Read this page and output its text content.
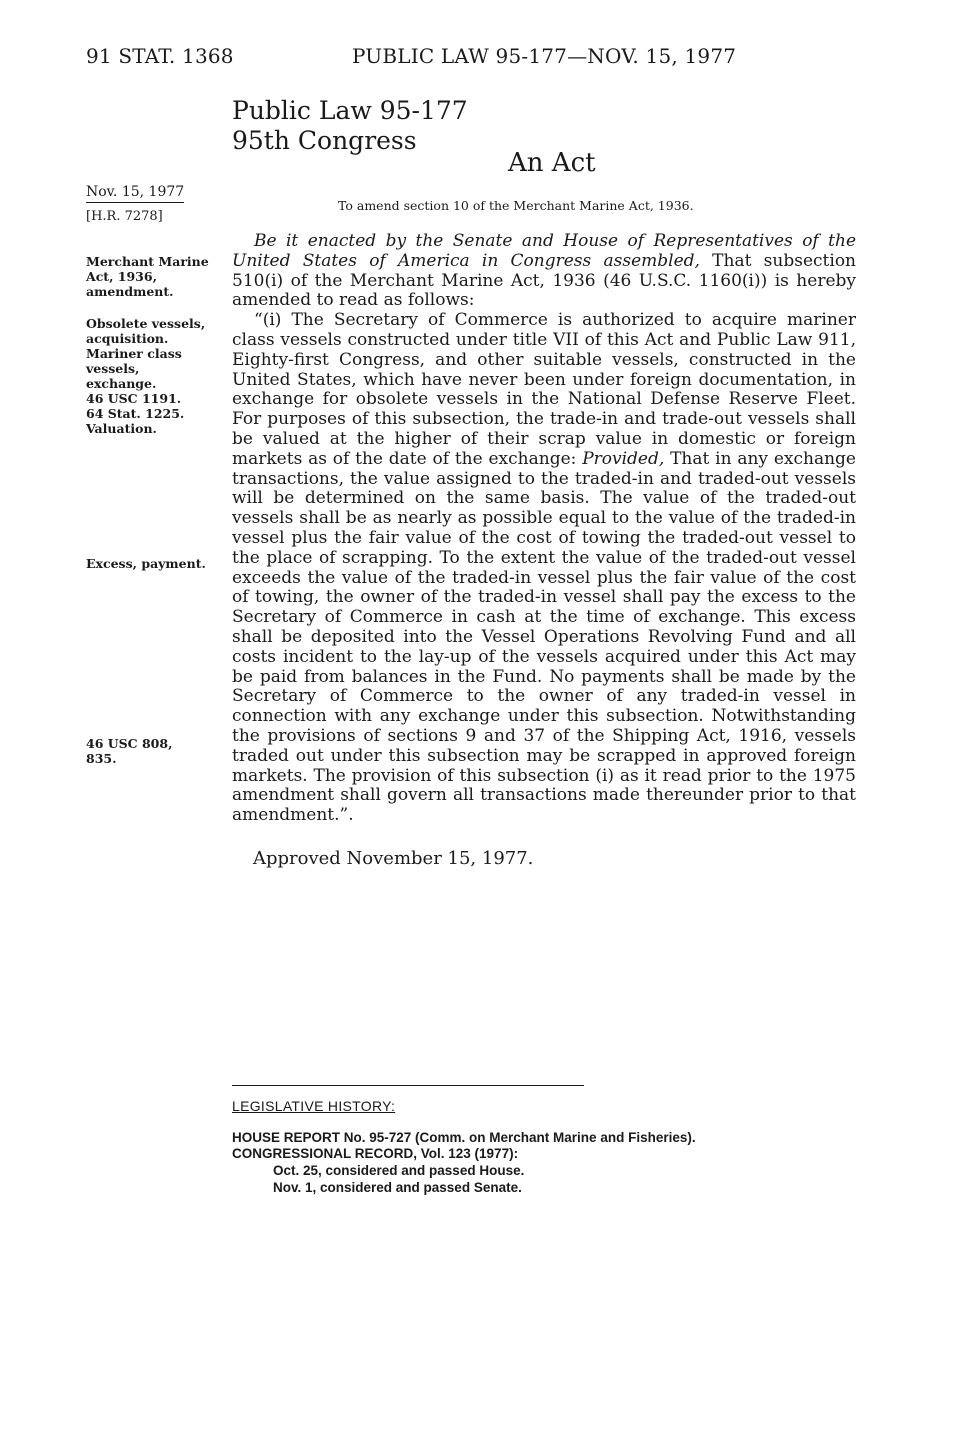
91 STAT. 1368	PUBLIC LAW 95-177—NOV. 15, 1977
Public Law 95-177
95th Congress
An Act
To amend section 10 of the Merchant Marine Act, 1936.
Nov. 15, 1977
[H.R. 7278]
Merchant Marine
Act, 1936,
amendment.
Obsolete vessels,
acquisition.
Mariner class
vessels,
exchange.
46 USC 1191.
64 Stat. 1225.
Valuation.
Excess, payment.
46 USC 808,
835.

Be it enacted by the Senate and House of Representatives of the United States of America in Congress assembled, That subsection 510(i) of the Merchant Marine Act, 1936 (46 U.S.C. 1160(i)) is hereby amended to read as follows:

“(i) The Secretary of Commerce is authorized to acquire mariner class vessels constructed under title VII of this Act and Public Law 911, Eighty-first Congress, and other suitable vessels, constructed in the United States, which have never been under foreign documentation, in exchange for obsolete vessels in the National Defense Reserve Fleet. For purposes of this subsection, the trade-in and trade-out vessels shall be valued at the higher of their scrap value in domestic or foreign markets as of the date of the exchange: Provided, That in any exchange transactions, the value assigned to the traded-in and traded-out vessels will be determined on the same basis. The value of the traded-out vessels shall be as nearly as possible equal to the value of the traded-in vessel plus the fair value of the cost of towing the traded-out vessel to the place of scrapping. To the extent the value of the traded-out vessel exceeds the value of the traded-in vessel plus the fair value of the cost of towing, the owner of the traded-in vessel shall pay the excess to the Secretary of Commerce in cash at the time of exchange. This excess shall be deposited into the Vessel Operations Revolving Fund and all costs incident to the lay-up of the vessels acquired under this Act may be paid from balances in the Fund. No payments shall be made by the Secretary of Commerce to the owner of any traded-in vessel in connection with any exchange under this subsection. Notwithstanding the provisions of sections 9 and 37 of the Shipping Act, 1916, vessels traded out under this subsection may be scrapped in approved foreign markets. The provision of this subsection (i) as it read prior to the 1975 amendment shall govern all transactions made thereunder prior to that amendment.”.

Approved November 15, 1977.
LEGISLATIVE HISTORY:
HOUSE REPORT No. 95-727 (Comm. on Merchant Marine and Fisheries).
CONGRESSIONAL RECORD, Vol. 123 (1977):
Oct. 25, considered and passed House.
Nov. 1, considered and passed Senate.
